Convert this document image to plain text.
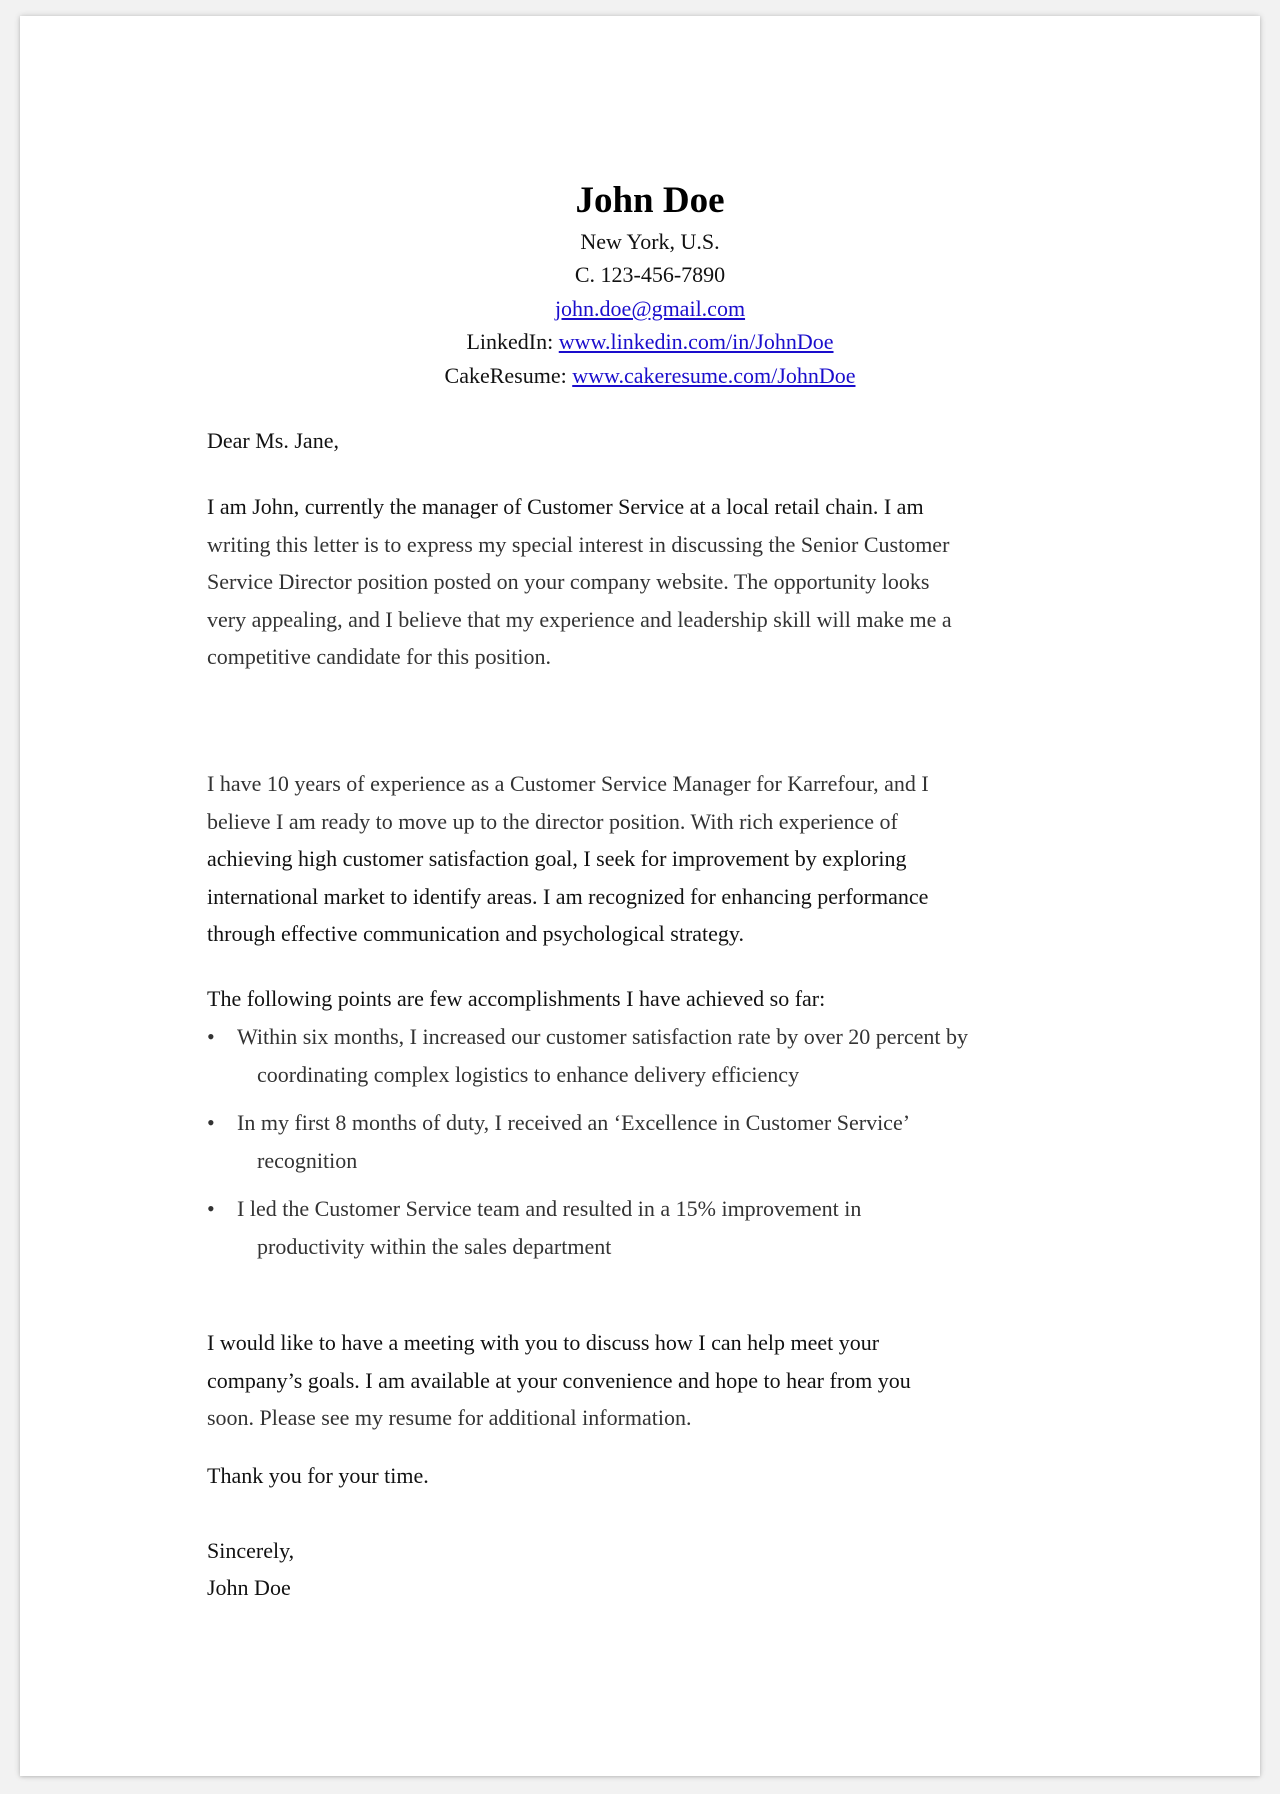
John Doe
New York, U.S.
C. 123-456-7890
john.doe@gmail.com
LinkedIn: www.linkedin.com/in/JohnDoe
CakeResume: www.cakeresume.com/JohnDoe
Dear Ms. Jane,
I am John, currently the manager of Customer Service at a local retail chain. I am
writing this letter is to express my special interest in discussing the Senior Customer
Service Director position posted on your company website. The opportunity looks
very appealing, and I believe that my experience and leadership skill will make me a
competitive candidate for this position.
I have 10 years of experience as a Customer Service Manager for Karrefour, and I
believe I am ready to move up to the director position. With rich experience of
achieving high customer satisfaction goal, I seek for improvement by exploring
international market to identify areas. I am recognized for enhancing performance
through effective communication and psychological strategy.
The following points are few accomplishments I have achieved so far:
• Within six months, I increased our customer satisfaction rate by over 20 percent by
coordinating complex logistics to enhance delivery efficiency
• In my first 8 months of duty, I received an ‘Excellence in Customer Service’
recognition
• I led the Customer Service team and resulted in a 15% improvement in
productivity within the sales department
I would like to have a meeting with you to discuss how I can help meet your
company’s goals. I am available at your convenience and hope to hear from you
soon. Please see my resume for additional information.
Thank you for your time.
Sincerely,
John Doe
